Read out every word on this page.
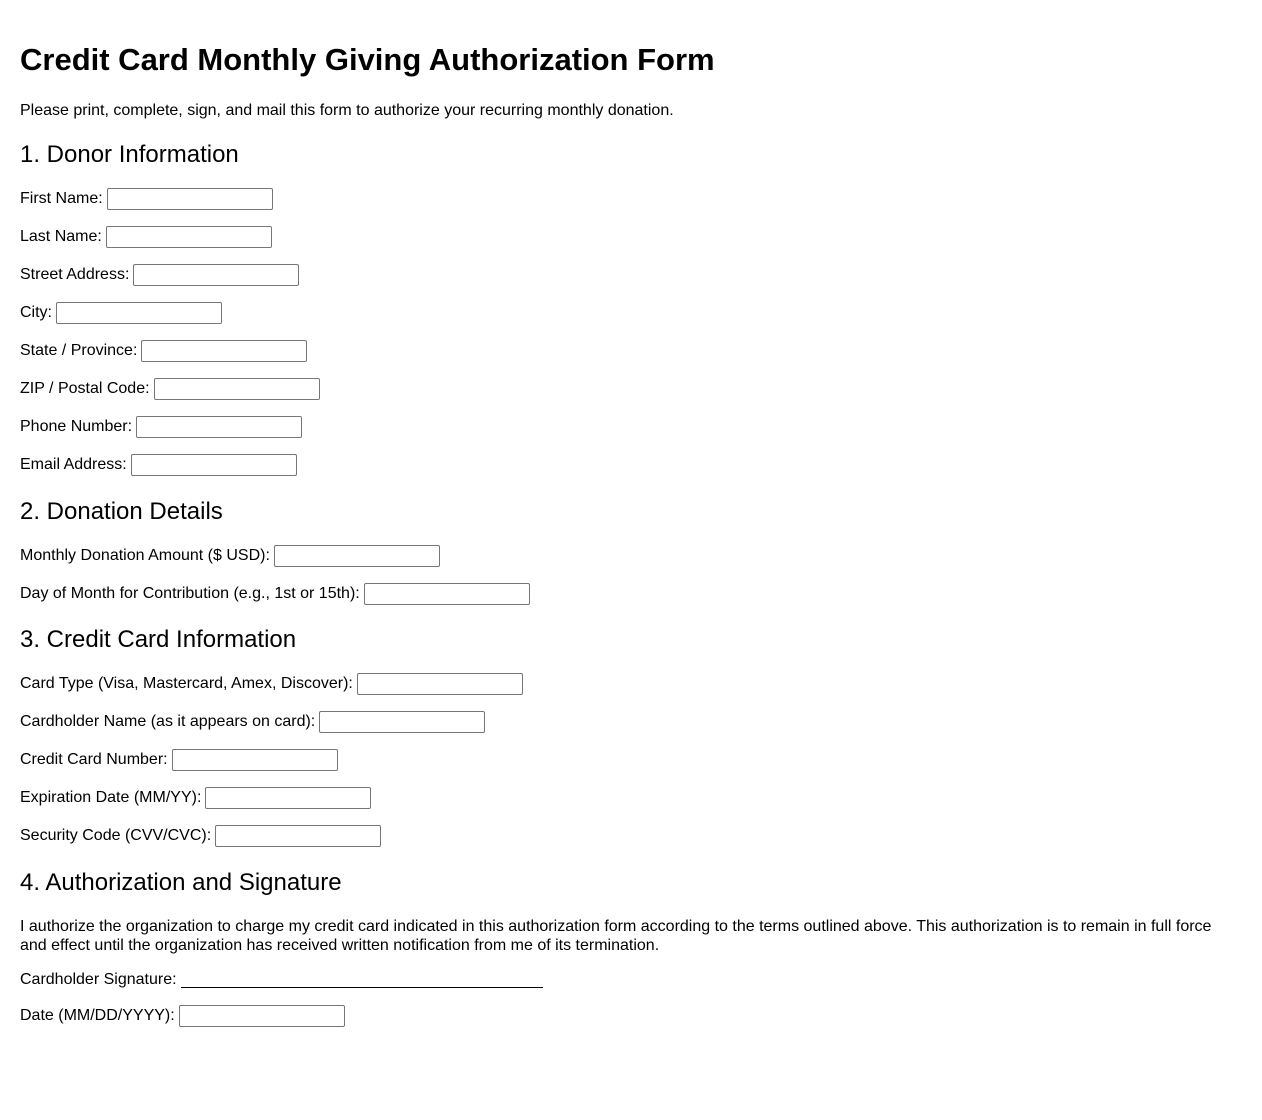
Credit Card Monthly Giving Authorization Form

Please print, complete, sign, and mail this form to authorize your recurring monthly donation.

1. Donor Information
First Name:
Last Name:
Street Address:
City:
State / Province:
ZIP / Postal Code:
Phone Number:
Email Address:
2. Donation Details
Monthly Donation Amount ($ USD):
Day of Month for Contribution (e.g., 1st or 15th):
3. Credit Card Information
Card Type (Visa, Mastercard, Amex, Discover):
Cardholder Name (as it appears on card):
Credit Card Number:
Expiration Date (MM/YY):
Security Code (CVV/CVC):
4. Authorization and Signature

I authorize the organization to charge my credit card indicated in this authorization form according to the terms outlined above. This authorization is to remain in full force and effect until the organization has received written notification from me of its termination.

Cardholder Signature:
Date (MM/DD/YYYY):
